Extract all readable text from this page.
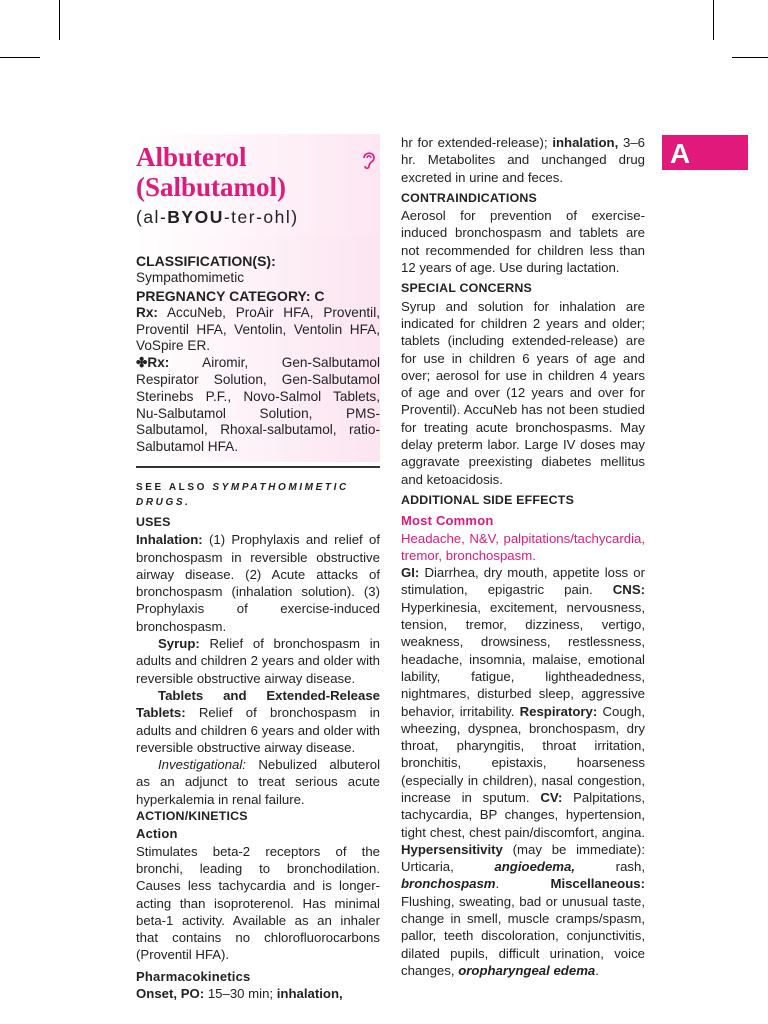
A
Albuterol
(Salbutamol)

(al-BYOU-ter-ohl)

CLASSIFICATION(S):

Sympathomimetic

PREGNANCY CATEGORY: C

Rx: AccuNeb, ProAir HFA, Proventil, Proventil HFA, Ventolin, Ventolin HFA, VoSpire ER.

✤Rx: Airomir, Gen-Salbutamol Respirator Solution, Gen-Salbutamol Sterinebs P.F., Novo-Salmol Tablets, Nu-Salbutamol Solution, PMS-Salbutamol, Rhoxal-salbutamol, ratio-Salbutamol HFA.

SEE ALSO SYMPATHOMIMETIC DRUGS.

USES

Inhalation: (1) Prophylaxis and relief of bronchospasm in reversible obstructive airway disease. (2) Acute attacks of bronchospasm (inhalation solution). (3) Prophylaxis of exercise-induced bronchospasm.

Syrup: Relief of bronchospasm in adults and children 2 years and older with reversible obstructive airway disease.

Tablets and Extended-Release Tablets: Relief of bronchospasm in adults and children 6 years and older with reversible obstructive airway disease.

Investigational: Nebulized albuterol as an adjunct to treat serious acute hyperkalemia in renal failure.

ACTION/KINETICS

Action

Stimulates beta-2 receptors of the bronchi, leading to bronchodilation. Causes less tachycardia and is longer-acting than isoproterenol. Has minimal beta-1 activity. Available as an inhaler that contains no chlorofluorocarbons (Proventil HFA).

Pharmacokinetics

Onset, PO: 15–30 min; inhalation,

hr for extended-release); inhalation, 3–6 hr. Metabolites and unchanged drug excreted in urine and feces.

CONTRAINDICATIONS

Aerosol for prevention of exercise-induced bronchospasm and tablets are not recommended for children less than 12 years of age. Use during lactation.

SPECIAL CONCERNS

Syrup and solution for inhalation are indicated for children 2 years and older; tablets (including extended-release) are for use in children 6 years of age and over; aerosol for use in children 4 years of age and over (12 years and over for Proventil). AccuNeb has not been studied for treating acute bronchospasms. May delay preterm labor. Large IV doses may aggravate preexisting diabetes mellitus and ketoacidosis.

ADDITIONAL SIDE EFFECTS

Most Common

Headache, N&V, palpitations/tachycardia, tremor, bronchospasm.

GI: Diarrhea, dry mouth, appetite loss or stimulation, epigastric pain. CNS: Hyperkinesia, excitement, nervousness, tension, tremor, dizziness, vertigo, weakness, drowsiness, restlessness, headache, insomnia, malaise, emotional lability, fatigue, lightheadedness, nightmares, disturbed sleep, aggressive behavior, irritability. Respiratory: Cough, wheezing, dyspnea, bronchospasm, dry throat, pharyngitis, throat irritation, bronchitis, epistaxis, hoarseness (especially in children), nasal congestion, increase in sputum. CV: Palpitations, tachycardia, BP changes, hypertension, tight chest, chest pain/discomfort, angina. Hypersensitivity (may be immediate): Urticaria,	angioedema,	rash, bronchospasm. Miscellaneous: Flushing, sweating, bad or unusual taste, change in smell, muscle cramps/spasm, pallor, teeth discoloration, conjunctivitis, dilated pupils, difficult urination, voice changes, oropharyngeal edema.
